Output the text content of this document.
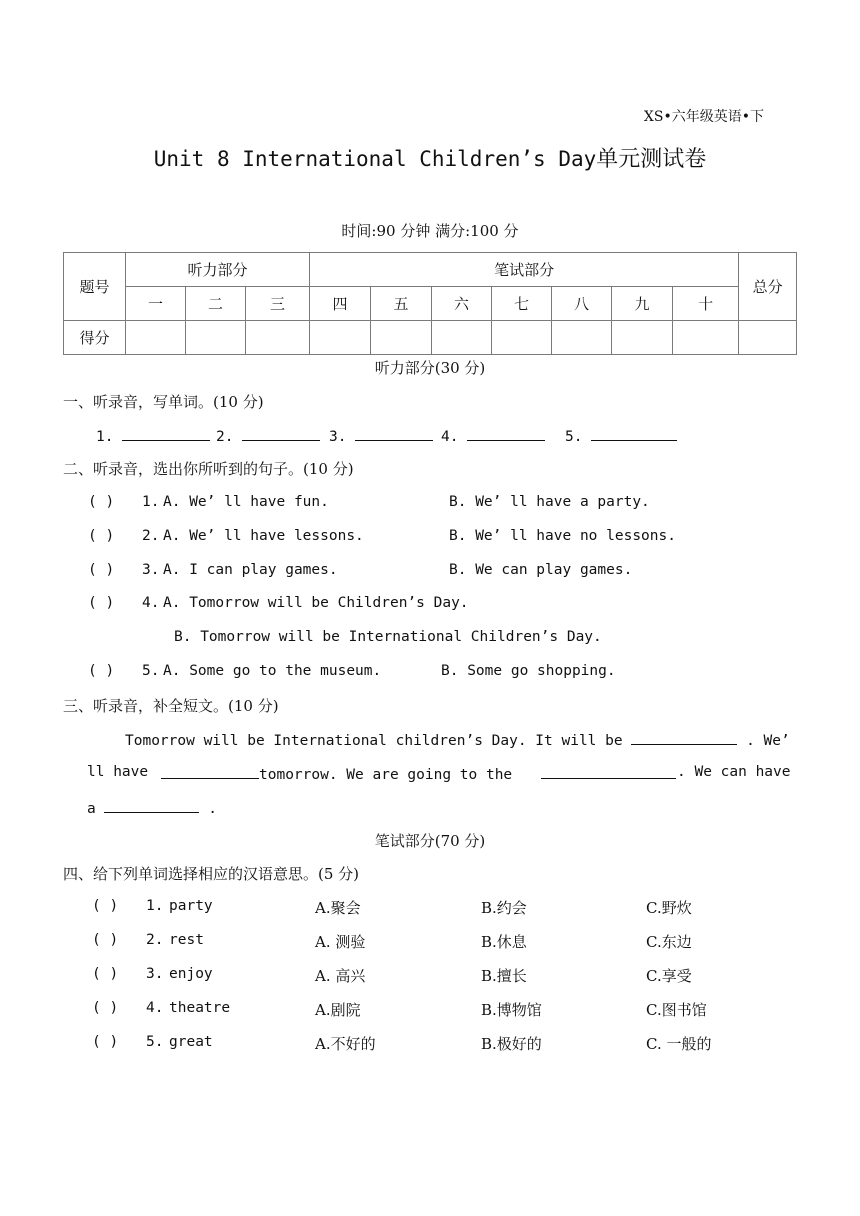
XS•六年级英语•下
Unit 8 International Children’s Day单元测试卷
时间:90 分钟 满分:100 分
题号	听力部分			笔试部分							总分
	一	二	三	四	五	六	七	八	九	十	
得分											
听力部分(30 分)
一、听录音，写单词。(10 分)
1.	2.	3.	4.	5.
二、听录音，选出你所听到的句子。(10 分)
( ) 1. A. We’ ll have fun.	B. We’ ll have a party.
( ) 2. A. We’ ll have lessons.	B. We’ ll have no lessons.
( ) 3. A. I can play games.	B. We can play games.
( ) 4. A. Tomorrow will be Children’s Day.
B. Tomorrow will be International Children’s Day.
( ) 5. A. Some go to the museum.	B. Some go shopping.
三、听录音，补全短文。(10 分)
Tomorrow will be International children’s Day. It will be	. We’
ll have	tomorrow. We are going to the	. We can have
a	.
笔试部分(70 分)
四、给下列单词选择相应的汉语意思。(5 分)
( ) 1. party	A.聚会	B.约会	C.野炊
( ) 2. rest	A. 测验	B.休息	C.东边
( ) 3. enjoy	A. 高兴	B.擅长	C.享受
( ) 4. theatre	A.剧院	B.博物馆	C.图书馆
( ) 5. great	A.不好的	B.极好的	C. 一般的
